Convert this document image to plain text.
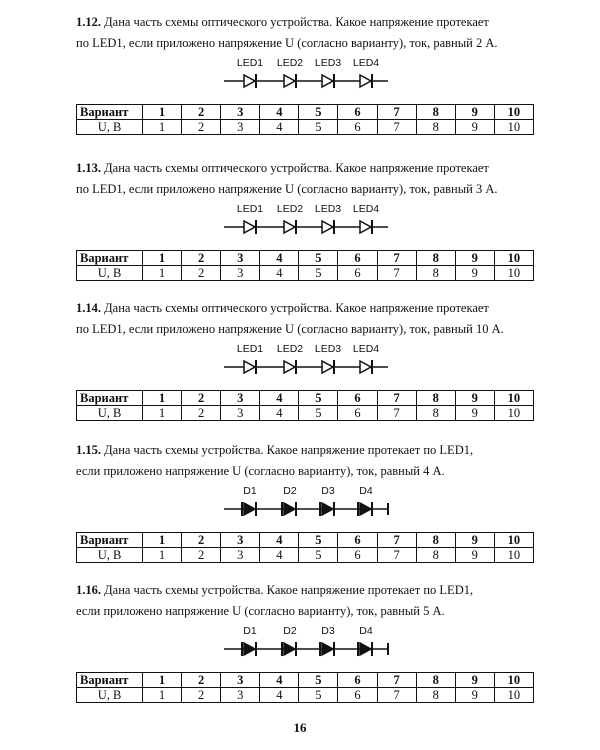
1.12. Дана часть схемы оптического устройства. Какое напряжение протекает
по LED1, если приложено напряжение U (согласно варианту), ток, равный 2 А.

LED1 LED2 LED3 LED4
Вариант	1	2	3	4	5	6	7	8	9	10
U, В	1	2	3	4	5	6	7	8	9	10

1.13. Дана часть схемы оптического устройства. Какое напряжение протекает
по LED1, если приложено напряжение U (согласно варианту), ток, равный 3 А.

LED1 LED2 LED3 LED4
Вариант	1	2	3	4	5	6	7	8	9	10
U, В	1	2	3	4	5	6	7	8	9	10

1.14. Дана часть схемы оптического устройства. Какое напряжение протекает
по LED1, если приложено напряжение U (согласно варианту), ток, равный 10 А.

LED1 LED2 LED3 LED4
Вариант	1	2	3	4	5	6	7	8	9	10
U, В	1	2	3	4	5	6	7	8	9	10

1.15. Дана часть схемы устройства. Какое напряжение протекает по LED1,
если приложено напряжение U (согласно варианту), ток, равный 4 А.

D1	D2 D3 D4
Вариант	1	2	3	4	5	6	7	8	9	10
U, В	1	2	3	4	5	6	7	8	9	10

1.16. Дана часть схемы устройства. Какое напряжение протекает по LED1,
если приложено напряжение U (согласно варианту), ток, равный 5 А.

D1	D2 D3 D4
Вариант	1	2	3	4	5	6	7	8	9	10
U, В	1	2	3	4	5	6	7	8	9	10
16
